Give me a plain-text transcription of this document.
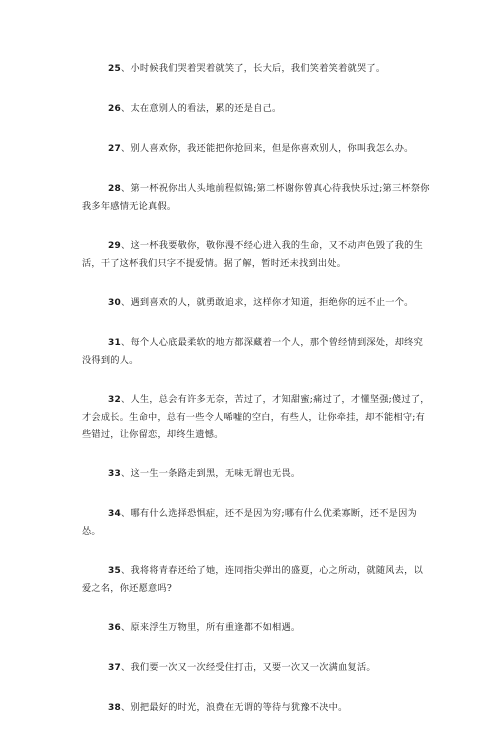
25、小时候我们哭着哭着就笑了，长大后，我们笑着笑着就哭了。
26、太在意别人的看法，累的还是自己。
27、别人喜欢你，我还能把你抢回来，但是你喜欢别人，你叫我怎么办。
28、第一杯祝你出人头地前程似锦;第二杯谢你曾真心待我快乐过;第三杯祭你我多年感情无论真假。
29、这一杯我要敬你，敬你漫不经心进入我的生命，又不动声色毁了我的生活，干了这杯我们只字不提爱情。据了解，暂时还未找到出处。
30、遇到喜欢的人，就勇敢追求，这样你才知道，拒绝你的远不止一个。
31、每个人心底最柔软的地方都深藏着一个人，那个曾经情到深处，却终究没得到的人。
32、人生，总会有许多无奈，苦过了，才知甜蜜;痛过了，才懂坚强;傻过了，才会成长。生命中，总有一些令人唏嘘的空白，有些人，让你牵挂，却不能相守;有些错过，让你留恋，却终生遗憾。
33、这一生一条路走到黑，无味无谓也无畏。
34、哪有什么选择恐惧症，还不是因为穷;哪有什么优柔寡断，还不是因为怂。
35、我将将青春还给了她，连同指尖弹出的盛夏，心之所动，就随风去，以爱之名，你还愿意吗?
36、原来浮生万物里，所有重逢都不如相遇。
37、我们要一次又一次经受住打击，又要一次又一次满血复活。
38、别把最好的时光，浪费在无谓的等待与犹豫不决中。
